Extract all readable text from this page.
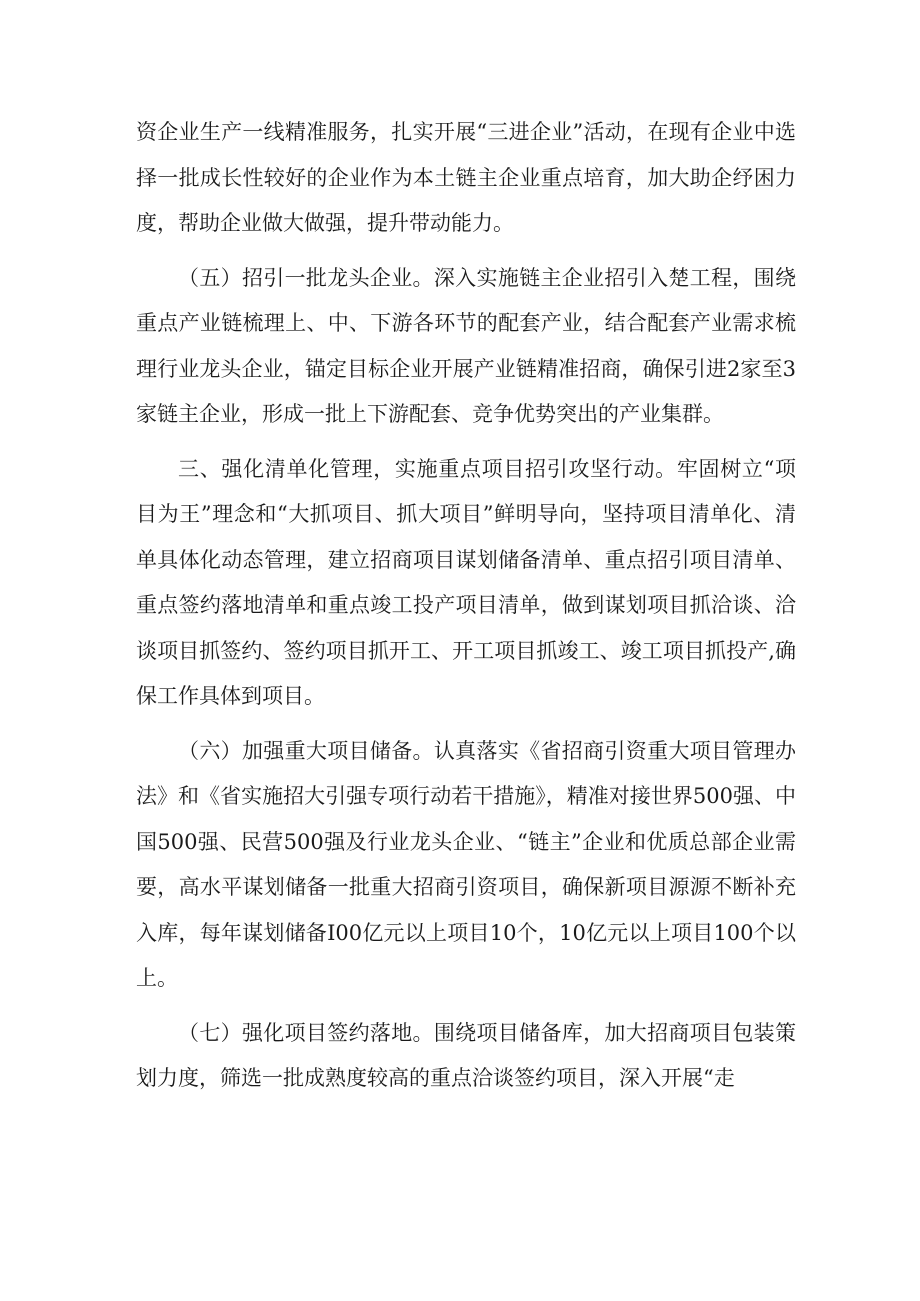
资企业生产一线精准服务，扎实开展“三进企业”活动，在现有企业中选择一批成长性较好的企业作为本土链主企业重点培育，加大助企纾困力度，帮助企业做大做强，提升带动能力。

（五）招引一批龙头企业。深入实施链主企业招引入楚工程，围绕重点产业链梳理上、中、下游各环节的配套产业，结合配套产业需求梳理行业龙头企业，锚定目标企业开展产业链精准招商，确保引进2家至3家链主企业，形成一批上下游配套、竞争优势突出的产业集群。

三、强化清单化管理，实施重点项目招引攻坚行动。牢固树立“项目为王”理念和“大抓项目、抓大项目”鲜明导向，坚持项目清单化、清单具体化动态管理，建立招商项目谋划储备清单、重点招引项目清单、重点签约落地清单和重点竣工投产项目清单，做到谋划项目抓洽谈、洽谈项目抓签约、签约项目抓开工、开工项目抓竣工、竣工项目抓投产,确保工作具体到项目。

（六）加强重大项目储备。认真落实《省招商引资重大项目管理办法》和《省实施招大引强专项行动若干措施》，精准对接世界500强、中国500强、民营500强及行业龙头企业、“链主”企业和优质总部企业需要，高水平谋划储备一批重大招商引资项目，确保新项目源源不断补充入库，每年谋划储备I00亿元以上项目10个，10亿元以上项目100个以上。

（七）强化项目签约落地。围绕项目储备库，加大招商项目包装策划力度，筛选一批成熟度较高的重点洽谈签约项目，深入开展“走
